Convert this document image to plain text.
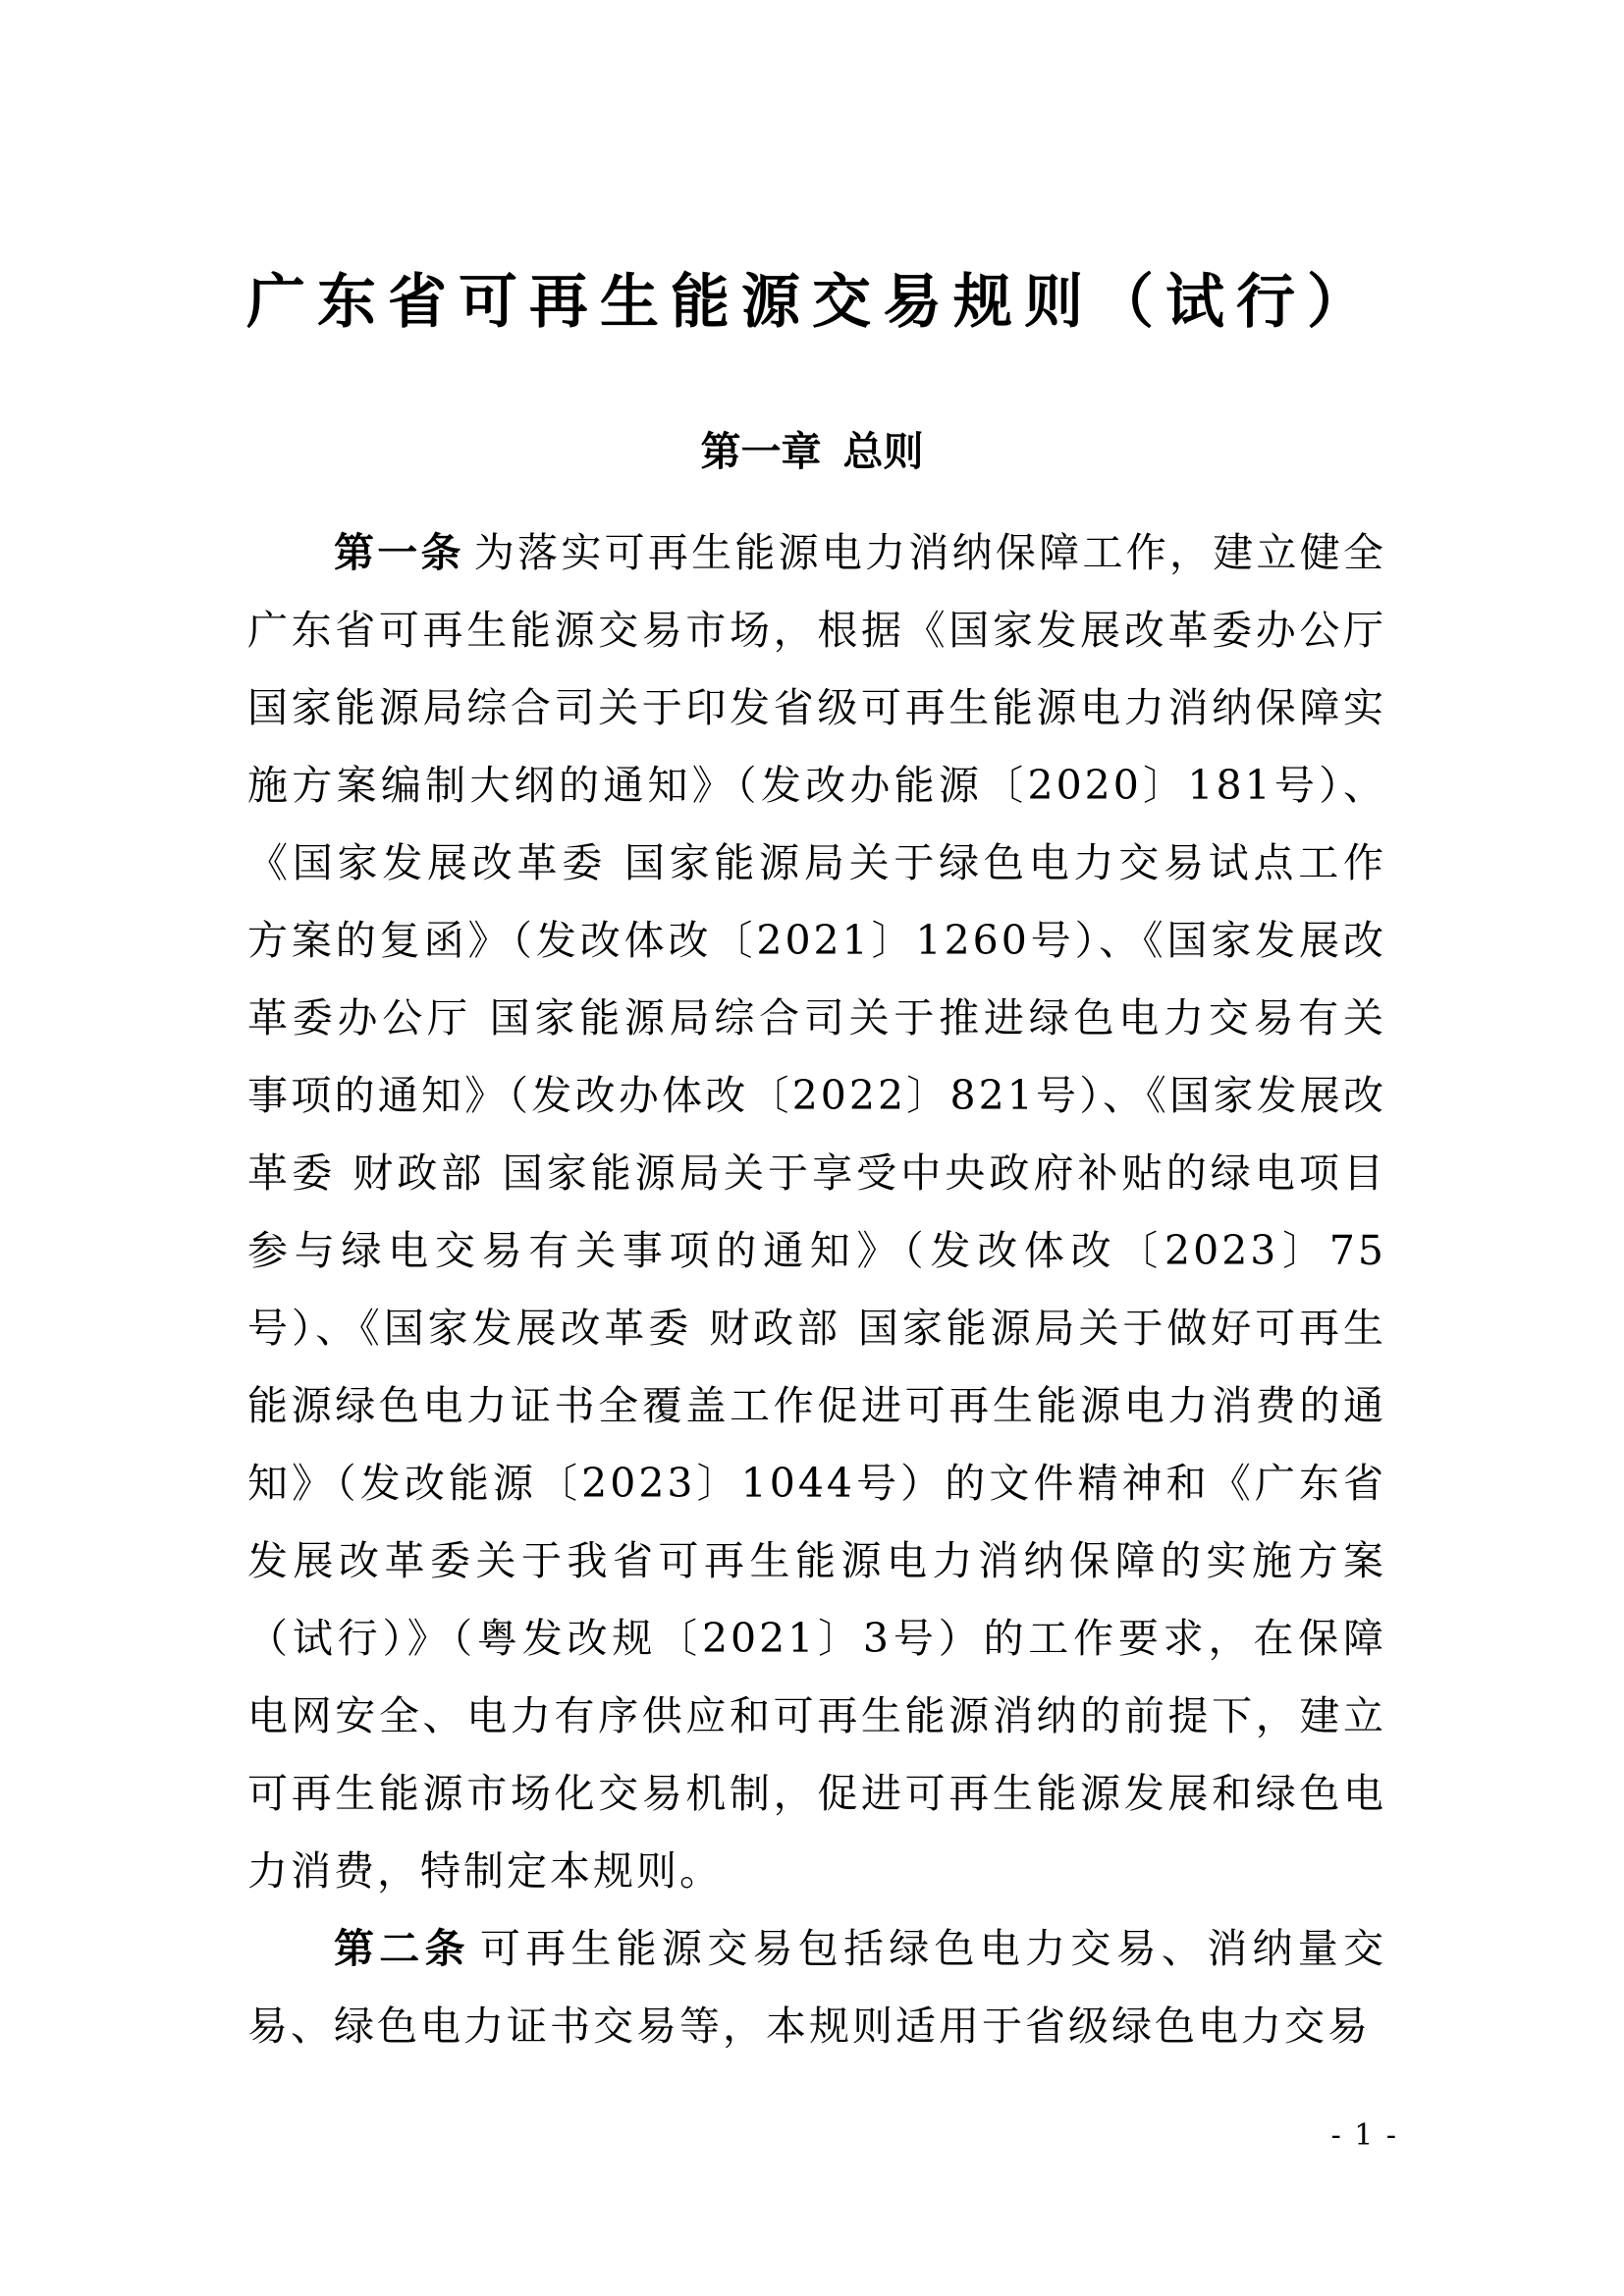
广东省可再生能源交易规则（试行）
第一章 总则

第一条 为落实可再生能源电力消纳保障工作，建立健全广东省可再生能源交易市场，根据《国家发展改革委办公厅 国家能源局综合司关于印发省级可再生能源电力消纳保障实施方案编制大纲的通知》（发改办能源〔2020〕181号）、《国家发展改革委 国家能源局关于绿色电力交易试点工作方案的复函》（发改体改〔2021〕1260号）、《国家发展改革委办公厅 国家能源局综合司关于推进绿色电力交易有关事项的通知》（发改办体改〔2022〕821号）、《国家发展改革委 财政部 国家能源局关于享受中央政府补贴的绿电项目参与绿电交易有关事项的通知》（发改体改〔2023〕75号）、《国家发展改革委 财政部 国家能源局关于做好可再生能源绿色电力证书全覆盖工作促进可再生能源电力消费的通知》（发改能源〔2023〕1044号）的文件精神和《广东省发展改革委关于我省可再生能源电力消纳保障的实施方案（试行）》（粤发改规〔2021〕3号）的工作要求，在保障电网安全、电力有序供应和可再生能源消纳的前提下，建立可再生能源市场化交易机制，促进可再生能源发展和绿色电力消费，特制定本规则。

第二条 可再生能源交易包括绿色电力交易、消纳量交易、绿色电力证书交易等，本规则适用于省级绿色电力交易

- 1 -
